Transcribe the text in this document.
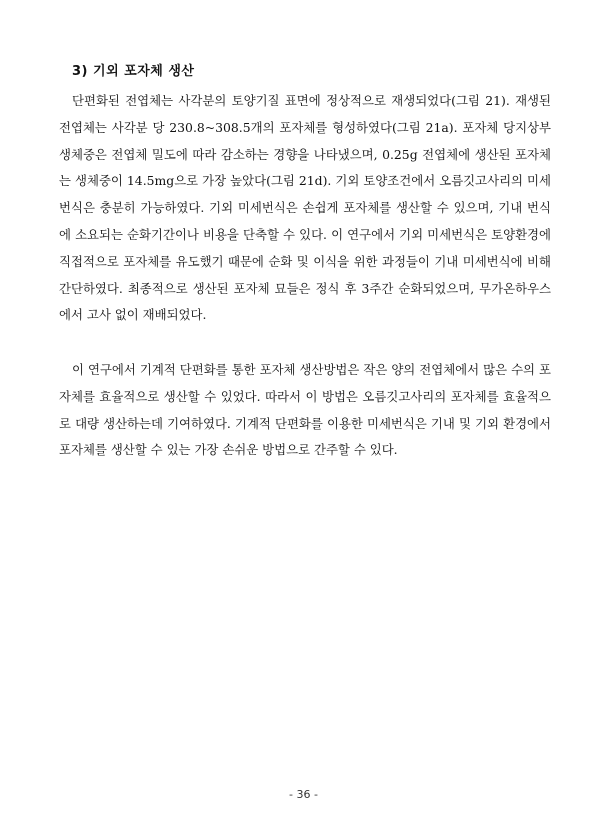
3) 기외 포자체 생산

단편화된 전엽체는 사각분의 토양기질 표면에 정상적으로 재생되었다(그림 21). 재생된 전엽체는 사각분 당 230.8~308.5개의 포자체를 형성하였다(그림 21a). 포자체 당지상부 생체중은 전엽체 밀도에 따라 감소하는 경향을 나타냈으며, 0.25g 전엽체에 생산된 포자체는 생체중이 14.5mg으로 가장 높았다(그림 21d). 기외 토양조건에서 오름깃고사리의 미세번식은 충분히 가능하였다. 기외 미세번식은 손쉽게 포자체를 생산할 수 있으며, 기내 번식에 소요되는 순화기간이나 비용을 단축할 수 있다. 이 연구에서 기외 미세번식은 토양환경에 직접적으로 포자체를 유도했기 때문에 순화 및 이식을 위한 과정들이 기내 미세번식에 비해 간단하였다. 최종적으로 생산된 포자체 묘들은 정식 후 3주간 순화되었으며, 무가온하우스에서 고사 없이 재배되었다.

이 연구에서 기계적 단편화를 통한 포자체 생산방법은 작은 양의 전엽체에서 많은 수의 포자체를 효율적으로 생산할 수 있었다. 따라서 이 방법은 오름깃고사리의 포자체를 효율적으로 대량 생산하는데 기여하였다. 기계적 단편화를 이용한 미세번식은 기내 및 기외 환경에서 포자체를 생산할 수 있는 가장 손쉬운 방법으로 간주할 수 있다.

- 36 -
